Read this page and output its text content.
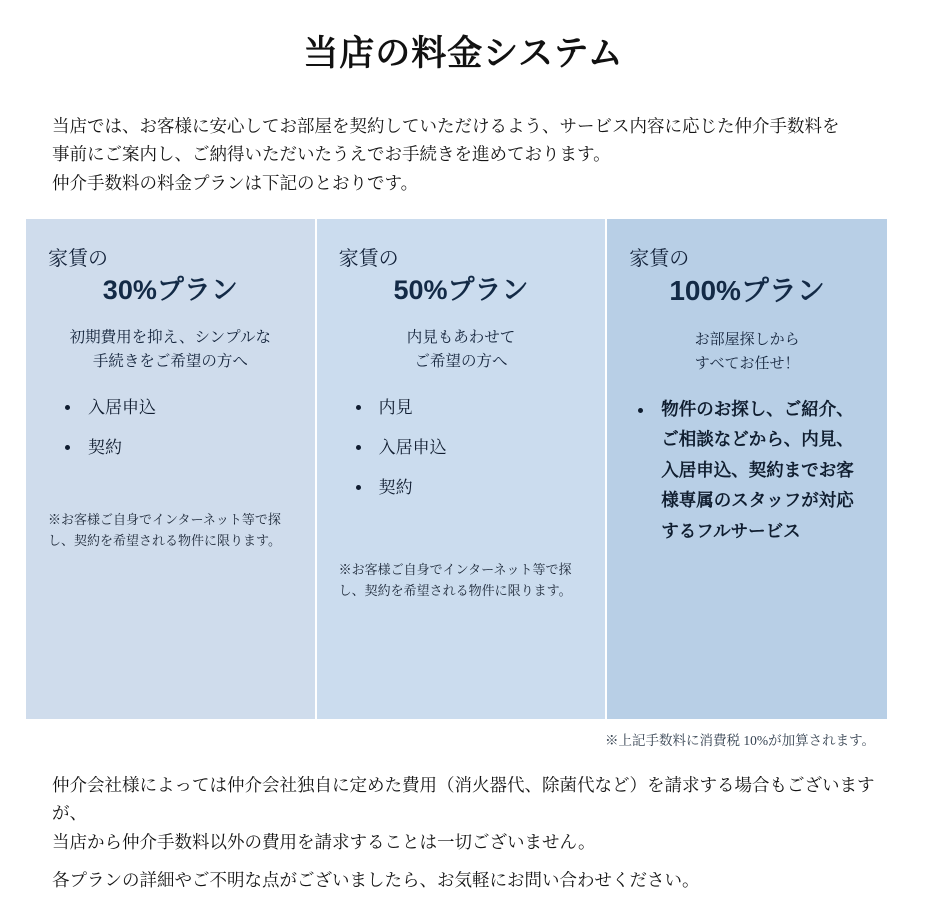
当店の料金システム

当店では、お客様に安心してお部屋を契約していただけるよう、サービス内容に応じた仲介手数料を

事前にご案内し、ご納得いただいたうえでお手続きを進めております。

仲介手数料の料金プランは下記のとおりです。

家賃の
30%プラン
初期費用を抑え、シンプルな
手続きをご希望の方へ
• 入居申込
• 契約

※お客様ご自身でインターネット等で探し、契約を希望される物件に限ります。

家賃の
50%プラン
内見もあわせて
ご希望の方へ
• 内見
• 入居申込
• 契約

※お客様ご自身でインターネット等で探し、契約を希望される物件に限ります。

家賃の
100%プラン
お部屋探しから
すべてお任せ！
• 物件のお探し、ご紹介、ご相談などから、内見、入居申込、契約までお客様専属のスタッフが対応するフルサービス
※上記手数料に消費税 10%が加算されます。

仲介会社様によっては仲介会社独自に定めた費用（消火器代、除菌代など）を請求する場合もございますが、

当店から仲介手数料以外の費用を請求することは一切ございません。

各プランの詳細やご不明な点がございましたら、お気軽にお問い合わせください。
